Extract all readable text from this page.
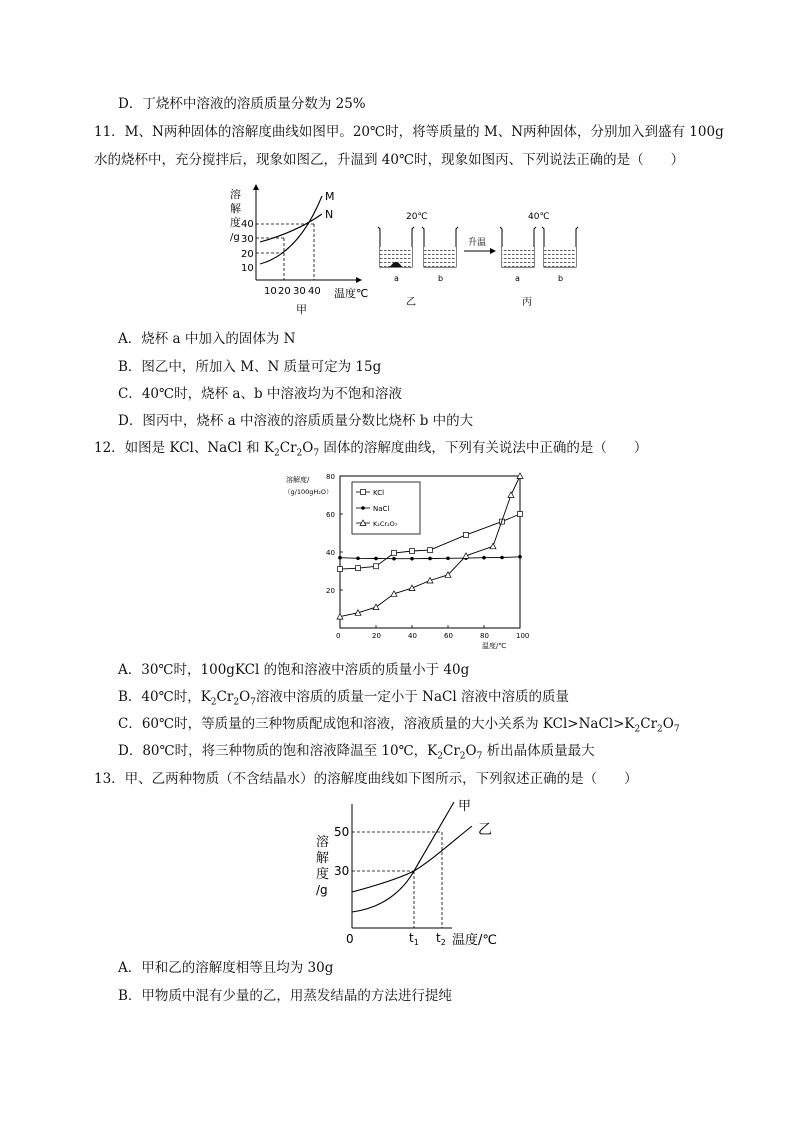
D．丁烧杯中溶液的溶质质量分数为 25%
11．M、N两种固体的溶解度曲线如图甲。20℃时，将等质量的 M、N两种固体，分别加入到盛有 100g
水的烧杯中，充分搅拌后，现象如图乙，升温到 40℃时，现象如图丙、下列说法正确的是（　　）
溶
解
度
/g
40
30
20
10
M
N
10 20 30 40 温度℃
甲
20℃
a	b
乙
升温
40℃
a	b
丙
A．烧杯 a 中加入的固体为 N
B．图乙中，所加入 M、N 质量可定为 15g
C．40℃时，烧杯 a、b 中溶液均为不饱和溶液
D．图丙中，烧杯 a 中溶液的溶质质量分数比烧杯 b 中的大
12．如图是 KCl、NaCl 和 $K_2Cr_2O_7$ 固体的溶解度曲线，下列有关说法中正确的是（　　）
溶解度/
（g/100gH₂O）
20
40
60
80
0	20	40	60	80	100
KCl
NaCl
K₂Cr₂O₇
温度/℃
A．30℃时，100gKCl 的饱和溶液中溶质的质量小于 40g
B．40℃时，$K_2Cr_2O_7$溶液中溶质的质量一定小于 NaCl 溶液中溶质的质量
C．60℃时，等质量的三种物质配成饱和溶液，溶液质量的大小关系为 $KCl>NaCl>K_2Cr_2O_7$
D．80℃时，将三种物质的饱和溶液降温至 10℃，$K_2Cr_2O_7$ 析出晶体质量最大
13．甲、乙两种物质（不含结晶水）的溶解度曲线如下图所示，下列叙述正确的是（　　）
溶
解
度
/g
50
30
0
甲
乙
$t_1$ $t_2$ 温度/℃
A．甲和乙的溶解度相等且均为 30g
B．甲物质中混有少量的乙，用蒸发结晶的方法进行提纯
